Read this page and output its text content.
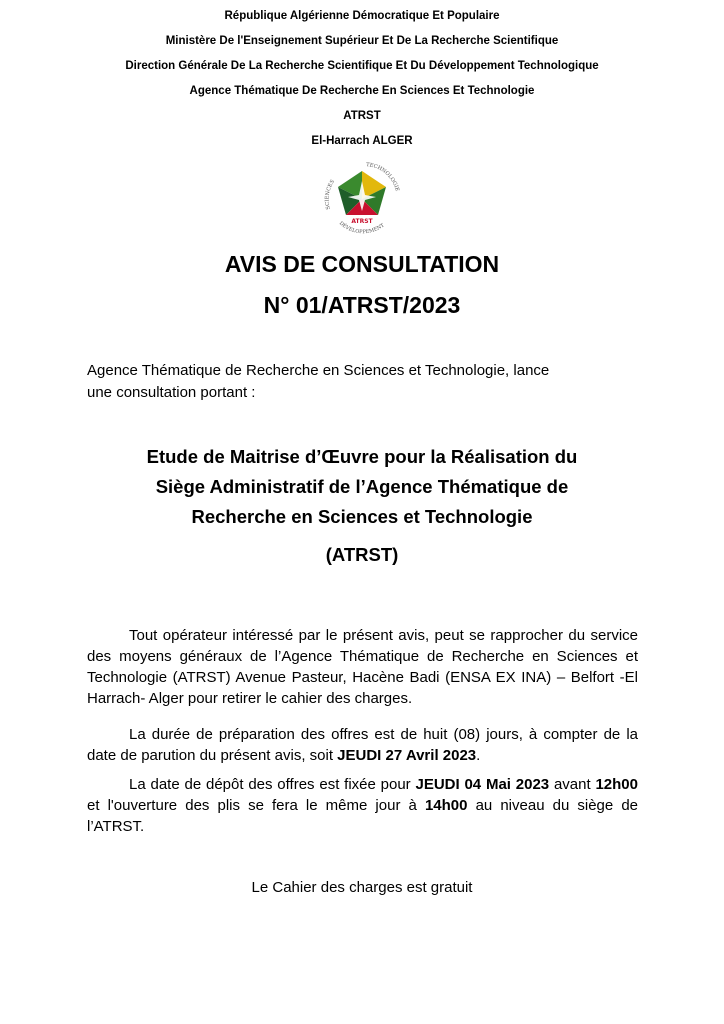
République Algérienne Démocratique Et Populaire
Ministère De l'Enseignement Supérieur Et De La Recherche Scientifique
Direction Générale De La Recherche Scientifique Et Du Développement Technologique
Agence Thématique De Recherche En Sciences Et Technologie
ATRST
El-Harrach ALGER
SCIENCES
TECHNOLOGIE
DÉVELOPPEMENT
ATRST
AVIS DE CONSULTATION
N° 01/ATRST/2023
Agence Thématique de Recherche en Sciences et Technologie, lance
une consultation portant :
Etude de Maitrise d’Œuvre pour la Réalisation du
Siège Administratif de l’Agence Thématique de
Recherche en Sciences et Technologie
(ATRST)
Tout opérateur intéressé par le présent avis, peut se rapprocher du service des moyens généraux de l’Agence Thématique de Recherche en Sciences et Technologie (ATRST) Avenue Pasteur, Hacène Badi (ENSA EX INA) – Belfort -El Harrach- Alger pour retirer le cahier des charges.
La durée de préparation des offres est de huit (08) jours, à compter de la date de parution du présent avis, soit JEUDI 27 Avril 2023.
La date de dépôt des offres est fixée pour JEUDI 04 Mai 2023 avant 12h00 et l'ouverture des plis se fera le même jour à 14h00 au niveau du siège de l’ATRST.
Le Cahier des charges est gratuit
